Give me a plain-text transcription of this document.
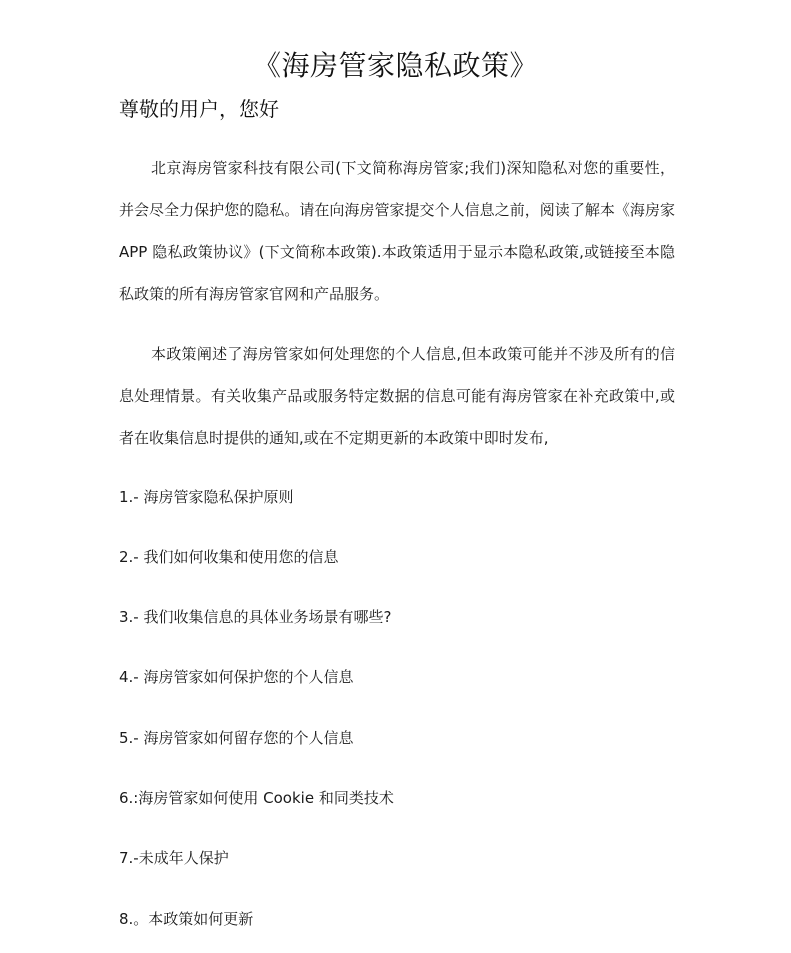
《海房管家隐私政策》
尊敬的用户，您好

北京海房管家科技有限公司(下文简称海房管家;我们)深知隐私对您的重要性，并会尽全力保护您的隐私。请在向海房管家提交个人信息之前，阅读了解本《海房家 APP 隐私政策协议》(下文简称本政策).本政策适用于显示本隐私政策,或链接至本隐私政策的所有海房管家官网和产品服务。

本政策阐述了海房管家如何处理您的个人信息,但本政策可能并不涉及所有的信息处理情景。有关收集产品或服务特定数据的信息可能有海房管家在补充政策中,或者在收集信息时提供的通知,或在不定期更新的本政策中即时发布,

1.- 海房管家隐私保护原则
2.- 我们如何收集和使用您的信息
3.- 我们收集信息的具体业务场景有哪些?
4.- 海房管家如何保护您的个人信息
5.- 海房管家如何留存您的个人信息
6.:海房管家如何使用 Cookie 和同类技术
7.-未成年人保护
8.。本政策如何更新
